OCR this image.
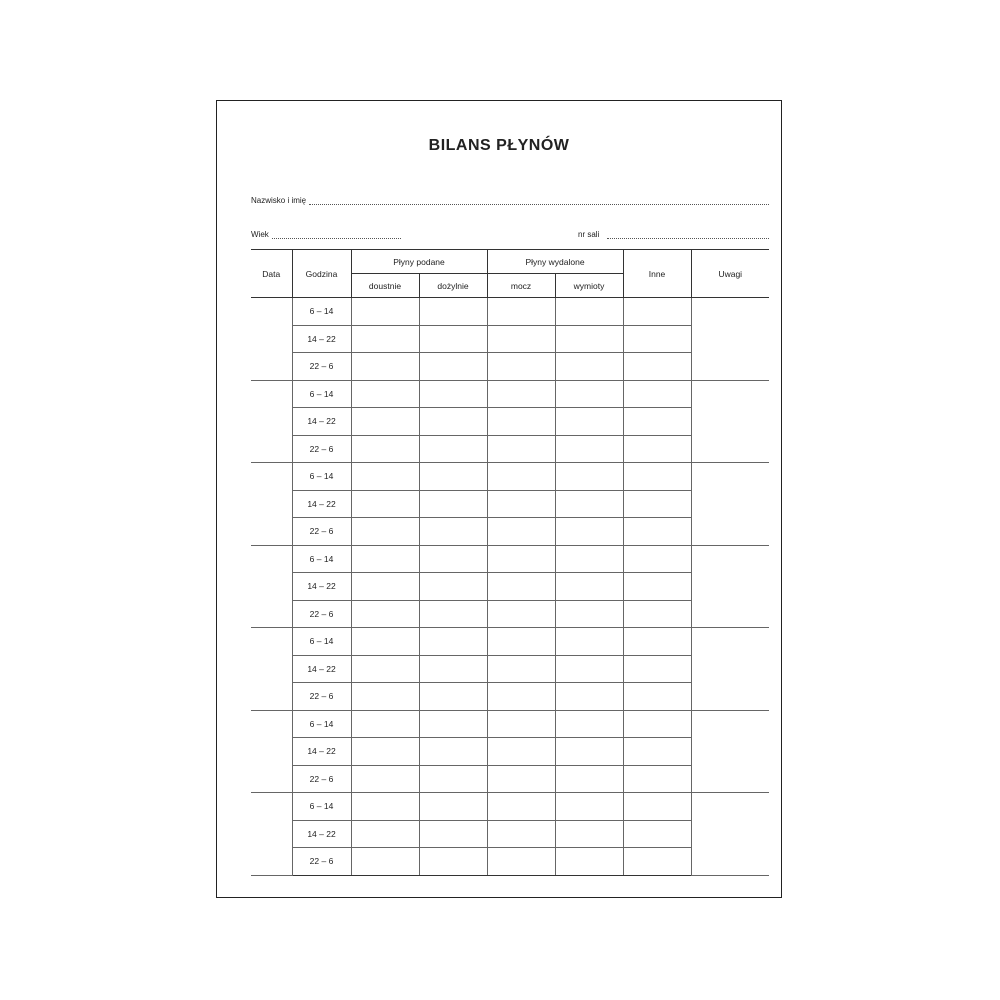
BILANS PŁYNÓW
Nazwisko i imię
Wiek	nr sali
Data	Godzina	Płyny podane		Płyny wydalone		Inne	Uwagi
		doustnie	dożylnie	mocz	wymioty		
	6 – 14						
	14 – 22						
	22 – 6						
	6 – 14						
	14 – 22						
	22 – 6						
	6 – 14						
	14 – 22						
	22 – 6						
	6 – 14						
	14 – 22						
	22 – 6						
	6 – 14						
	14 – 22						
	22 – 6						
	6 – 14						
	14 – 22						
	22 – 6						
	6 – 14						
	14 – 22						
	22 – 6						
